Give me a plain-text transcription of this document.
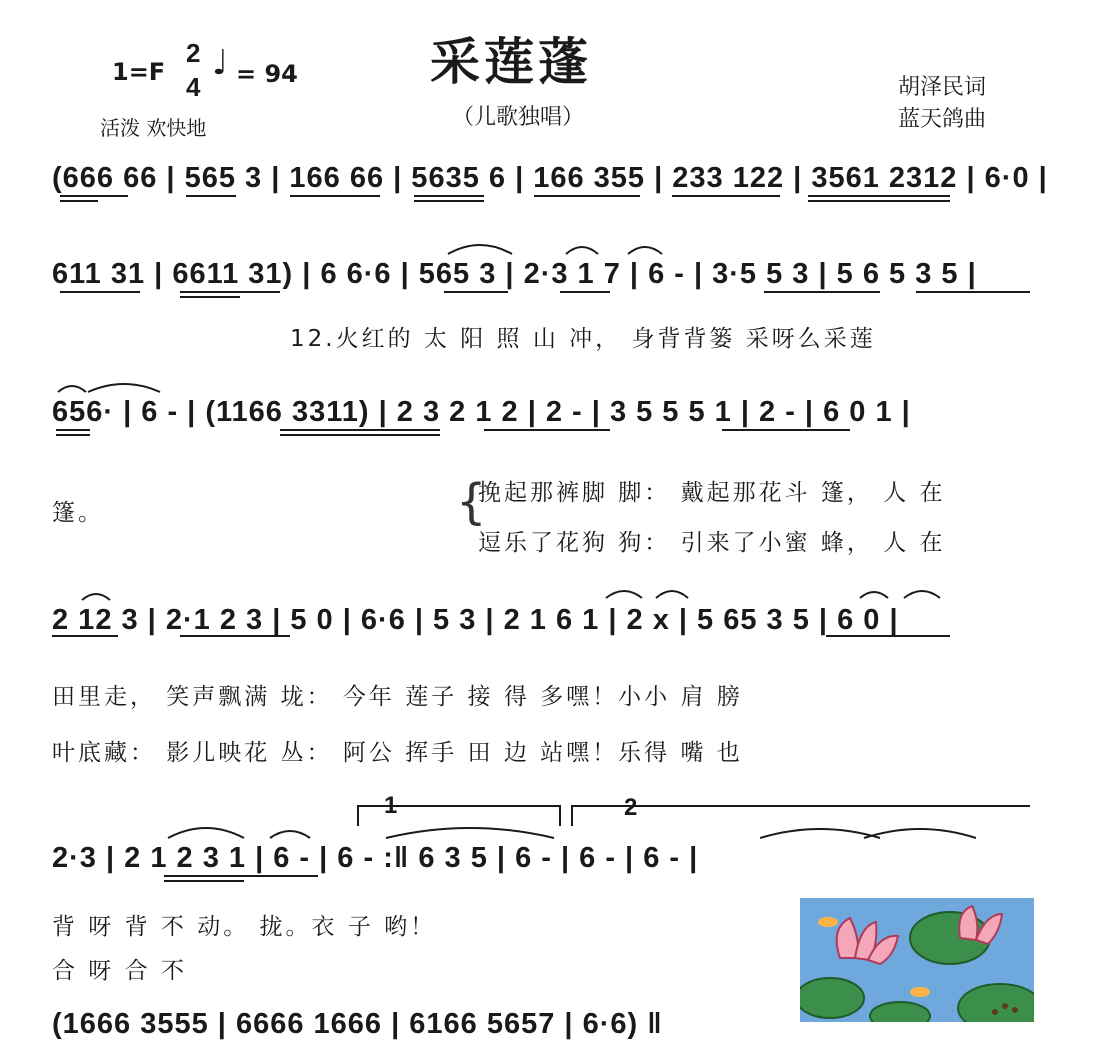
1=F
2
4
♩ = 94
活泼 欢快地
采莲蓬
（儿歌独唱）
胡泽民词
蓝天鸽曲
(666 66 | 565 3 | 166 66 | 5635 6 | 166 355 | 233 122 | 3561 2312 | 6·0 |
611 31 | 6611 31) | 6 6·6 | 565 3 | 2·3 1 7 | 6 - | 3·5 5 3 | 5 6 5 3 5 |
12.火红的 太 阳 照 山 冲， 身背背篓 采呀么采莲
656· | 6 - | (1166 3311) | 2 3 2 1 2 | 2 - | 3 5 5 5 1 | 2 - | 6 0 1 |
篷。	{
挽起那裤脚 脚： 戴起那花斗 篷， 人 在
逗乐了花狗 狗： 引来了小蜜 蜂， 人 在
2 12 3 | 2·1 2 3 | 5 0 | 6·6 | 5 3 | 2 1 6 1 | 2 x | 5 65 3 5 | 6 0 |
田里走， 笑声飘满 垅： 今年 莲子 接 得 多嘿！小小 肩 膀
叶底藏： 影儿映花 丛： 阿公 挥手 田 边 站嘿！乐得 嘴 也
1	2
2·3 | 2 1 2 3 1 | 6 - | 6 - :‖ 6 3 5 | 6 - | 6 - | 6 - |
背 呀 背 不 动。 拢。衣 子 哟！
合 呀 合 不
(1666 3555 | 6666 1666 | 6166 5657 | 6·6) ‖
